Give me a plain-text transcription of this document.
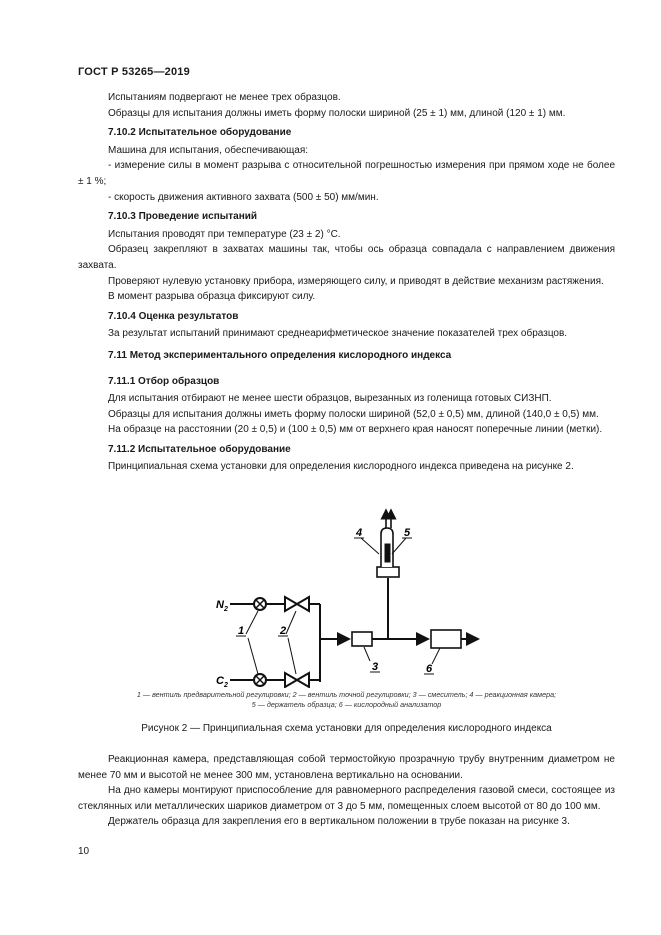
ГОСТ Р 53265—2019

Испытаниям подвергают не менее трех образцов.

Образцы для испытания должны иметь форму полоски шириной (25 ± 1) мм, длиной (120 ± 1) мм.

7.10.2 Испытательное оборудование

Машина для испытания, обеспечивающая:

- измерение силы в момент разрыва с относительной погрешностью измерения при прямом ходе не более ± 1 %;

- скорость движения активного захвата (500 ± 50) мм/мин.

7.10.3 Проведение испытаний

Испытания проводят при температуре (23 ± 2) °С.

Образец закрепляют в захватах машины так, чтобы ось образца совпадала с направлением движения захвата.

Проверяют нулевую установку прибора, измеряющего силу, и приводят в действие механизм растяжения.

В момент разрыва образца фиксируют силу.

7.10.4 Оценка результатов

За результат испытаний принимают среднеарифметическое значение показателей трех образцов.

7.11 Метод экспериментального определения кислородного индекса

7.11.1 Отбор образцов

Для испытания отбирают не менее шести образцов, вырезанных из голенища готовых СИЗНП.

Образцы для испытания должны иметь форму полоски шириной (52,0 ± 0,5) мм, длиной (140,0 ± 0,5) мм.

На образце на расстоянии (20 ± 0,5) и (100 ± 0,5) мм от верхнего края наносят поперечные линии (метки).

7.11.2 Испытательное оборудование

Принципиальная схема установки для определения кислородного индекса приведена на рисунке 2.

$N_2$
$С_2$
1	2
3
4	5
6
1 — вентиль предварительной регулировки; 2 — вентиль точной регулировки; 3 — смеситель; 4 — реакционная камера;
5 — держатель образца; 6 — кислородный анализатор
Рисунок 2 — Принципиальная схема установки для определения кислородного индекса

Реакционная камера, представляющая собой термостойкую прозрачную трубу внутренним диаметром не менее 70 мм и высотой не менее 300 мм, установлена вертикально на основании.

На дно камеры монтируют приспособление для равномерного распределения газовой смеси, состоящее из стеклянных или металлических шариков диаметром от 3 до 5 мм, помещенных слоем высотой от 80 до 100 мм.

Держатель образца для закрепления его в вертикальном положении в трубе показан на рисунке 3.

10
